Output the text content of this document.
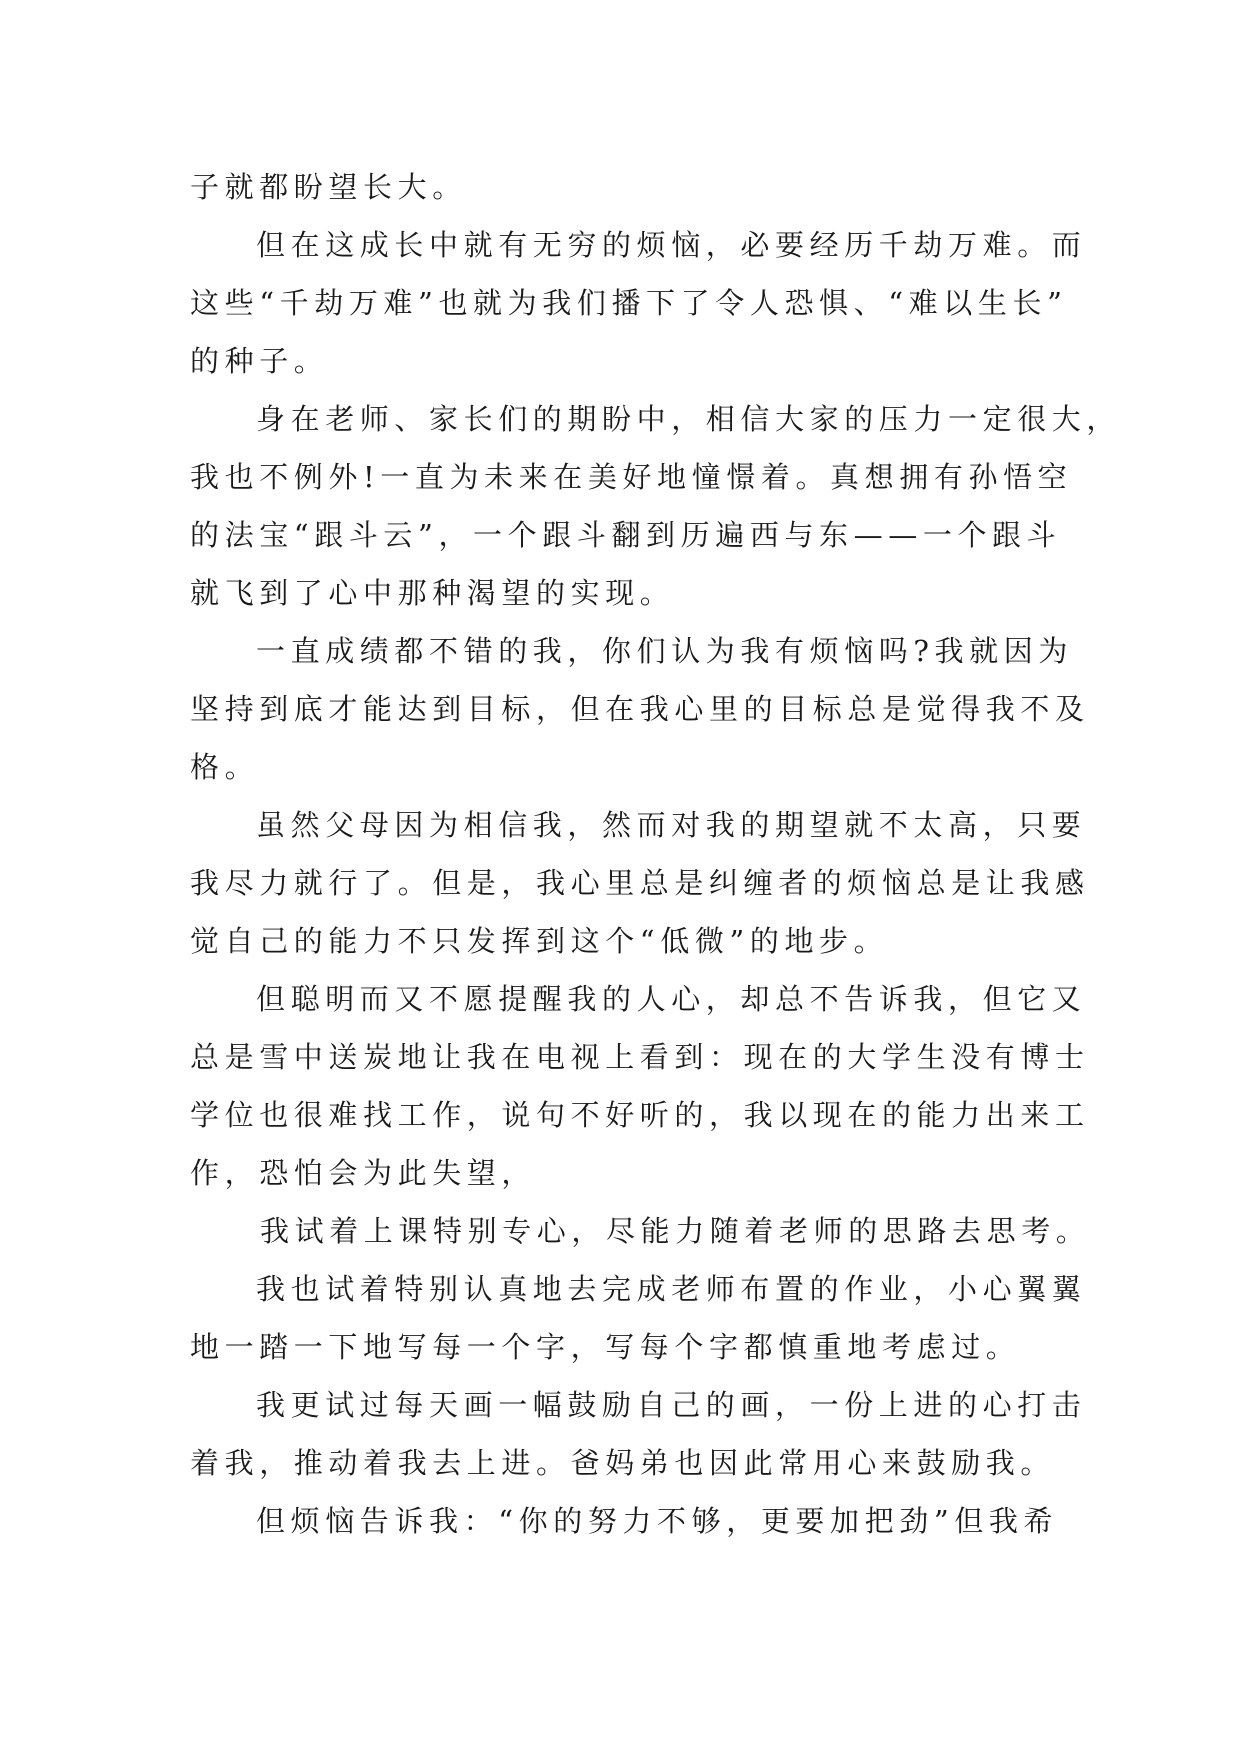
子就都盼望长大。
但在这成长中就有无穷的烦恼，必要经历千劫万难。而
这些“千劫万难”也就为我们播下了令人恐惧、“难以生长”
的种子。
身在老师、家长们的期盼中，相信大家的压力一定很大，
我也不例外!一直为未来在美好地憧憬着。真想拥有孙悟空
的法宝“跟斗云”，一个跟斗翻到历遍西与东——一个跟斗
就飞到了心中那种渴望的实现。
一直成绩都不错的我，你们认为我有烦恼吗?我就因为
坚持到底才能达到目标，但在我心里的目标总是觉得我不及
格。
虽然父母因为相信我，然而对我的期望就不太高，只要
我尽力就行了。但是，我心里总是纠缠者的烦恼总是让我感
觉自己的能力不只发挥到这个“低微”的地步。
但聪明而又不愿提醒我的人心，却总不告诉我，但它又
总是雪中送炭地让我在电视上看到：现在的大学生没有博士
学位也很难找工作，说句不好听的，我以现在的能力出来工
作，恐怕会为此失望，
我试着上课特别专心，尽能力随着老师的思路去思考。
我也试着特别认真地去完成老师布置的作业，小心翼翼
地一踏一下地写每一个字，写每个字都慎重地考虑过。
我更试过每天画一幅鼓励自己的画，一份上进的心打击
着我，推动着我去上进。爸妈弟也因此常用心来鼓励我。
但烦恼告诉我：“你的努力不够，更要加把劲”但我希
